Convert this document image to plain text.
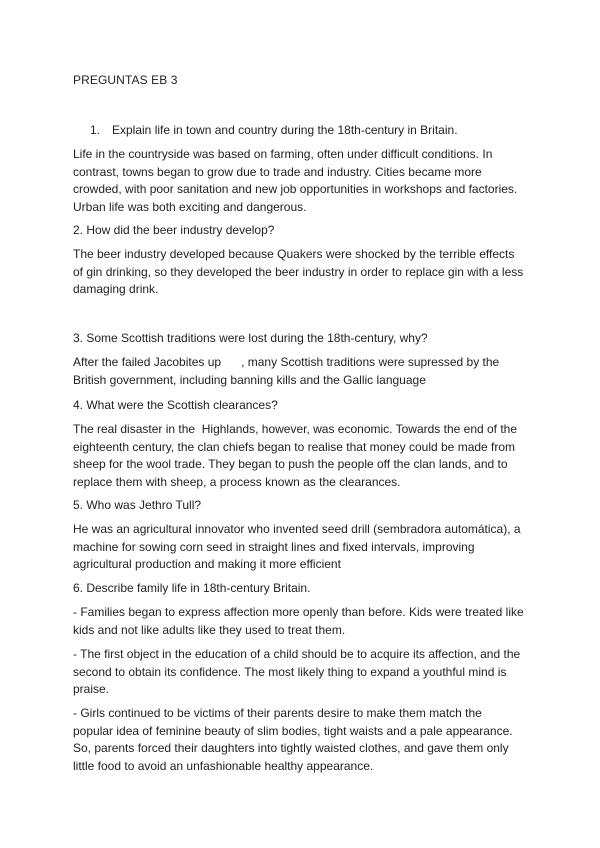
PREGUNTAS EB 3
1. Explain life in town and country during the 18th-century in Britain.

Life in the countryside was based on farming, often under difficult conditions. In

contrast, towns began to grow due to trade and industry. Cities became more

crowded, with poor sanitation and new job opportunities in workshops and factories.

Urban life was both exciting and dangerous.

2. How did the beer industry develop?

The beer industry developed because Quakers were shocked by the terrible effects

of gin drinking, so they developed the beer industry in order to replace gin with a less

damaging drink.

3. Some Scottish traditions were lost during the 18th-century, why?

After the failed Jacobites up      , many Scottish traditions were supressed by the

British government, including banning kills and the Gallic language

4. What were the Scottish clearances?

The real disaster in the  Highlands, however, was economic. Towards the end of the

eighteenth century, the clan chiefs began to realise that money could be made from

sheep for the wool trade. They began to push the people off the clan lands, and to

replace them with sheep, a process known as the clearances.

5. Who was Jethro Tull?

He was an agricultural innovator who invented seed drill (sembradora automática), a

machine for sowing corn seed in straight lines and fixed intervals, improving

agricultural production and making it more efficient

6. Describe family life in 18th-century Britain.

- Families began to express affection more openly than before. Kids were treated like

kids and not like adults like they used to treat them.

- The first object in the education of a child should be to acquire its affection, and the

second to obtain its confidence. The most likely thing to expand a youthful mind is

praise.

- Girls continued to be victims of their parents desire to make them match the

popular idea of feminine beauty of slim bodies, tight waists and a pale appearance.

So, parents forced their daughters into tightly waisted clothes, and gave them only

little food to avoid an unfashionable healthy appearance.
